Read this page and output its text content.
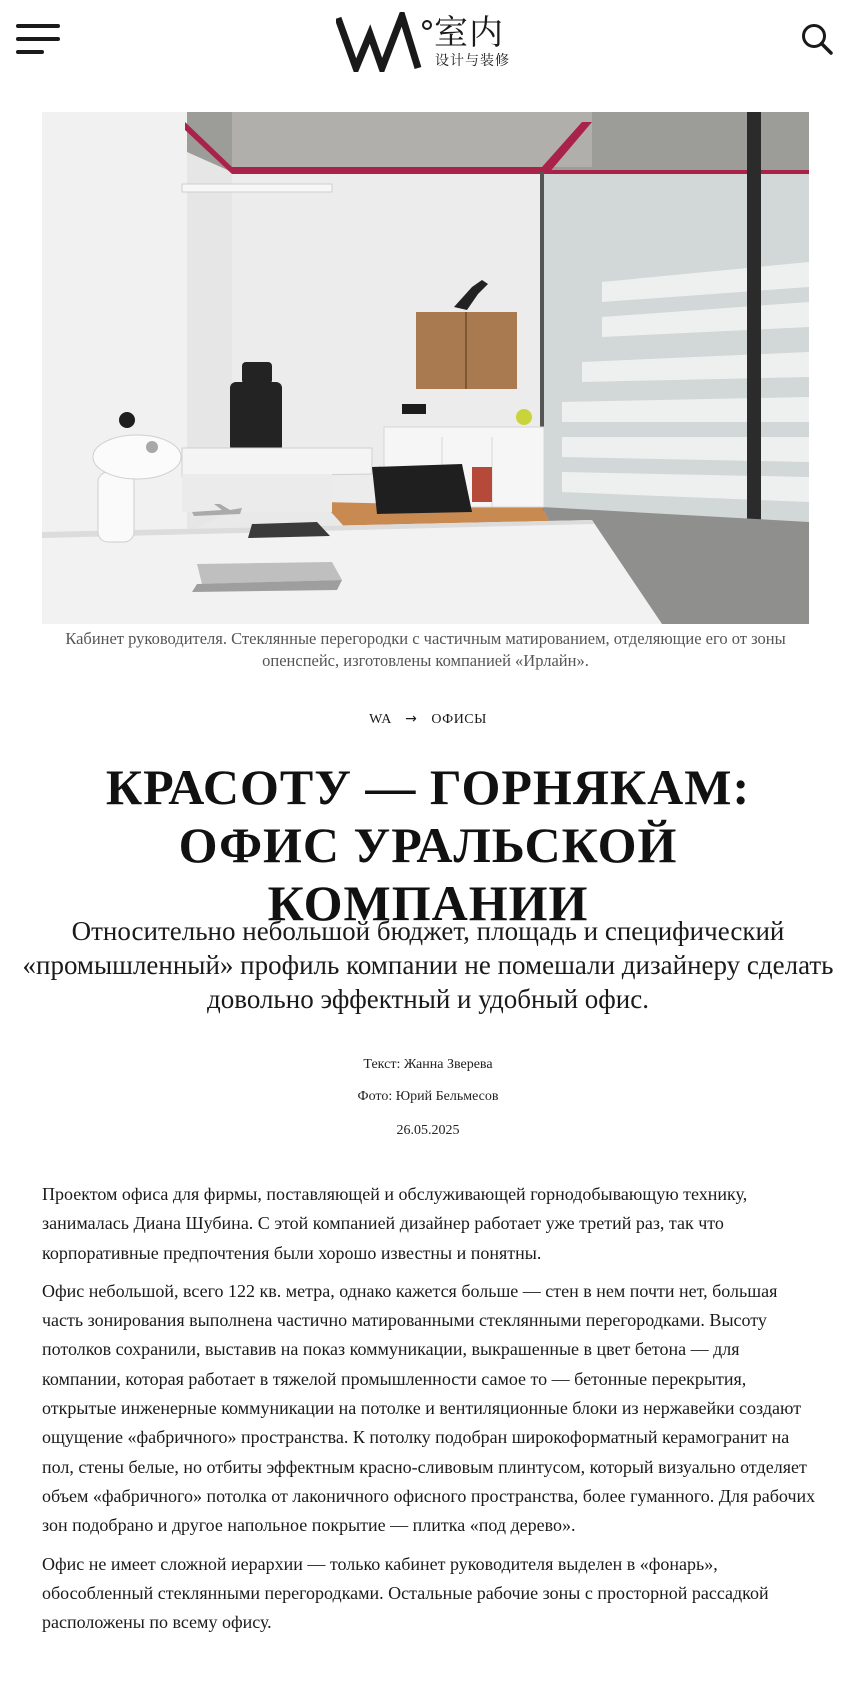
室内
设计与装修
Кабинет руководителя. Стеклянные перегородки с частичным матированием, отделяющие его от зоны опенспейс, изготовлены компанией «Ирлайн».
WA → ОФИСЫ
КРАСОТУ — ГОРНЯКАМ: ОФИС УРАЛЬСКОЙ КОМПАНИИ
Относительно небольшой бюджет, площадь и специфический «промышленный» профиль компании не помешали дизайнеру сделать довольно эффектный и удобный офис.
Текст: Жанна Зверева
Фото: Юрий Бельмесов
26.05.2025

Проектом офиса для фирмы, поставляющей и обслуживающей горнодобывающую технику, занималась Диана Шубина. С этой компанией дизайнер работает уже третий раз, так что корпоративные предпочтения были хорошо известны и понятны.

Офис небольшой, всего 122 кв. метра, однако кажется больше — стен в нем почти нет, большая часть зонирования выполнена частично матированными стеклянными перегородками. Высоту потолков сохранили, выставив на показ коммуникации, выкрашенные в цвет бетона — для компании, которая работает в тяжелой промышленности самое то — бетонные перекрытия, открытые инженерные коммуникации на потолке и вентиляционные блоки из нержавейки создают ощущение «фабричного» пространства. К потолку подобран широкоформатный керамогранит на пол, стены белые, но отбиты эффектным красно-сливовым плинтусом, который визуально отделяет объем «фабричного» потолка от лаконичного офисного пространства, более гуманного. Для рабочих зон подобрано и другое напольное покрытие — плитка «под дерево».

Офис не имеет сложной иерархии — только кабинет руководителя выделен в «фонарь», обособленный стеклянными перегородками. Остальные рабочие зоны с просторной рассадкой расположены по всему офису.
